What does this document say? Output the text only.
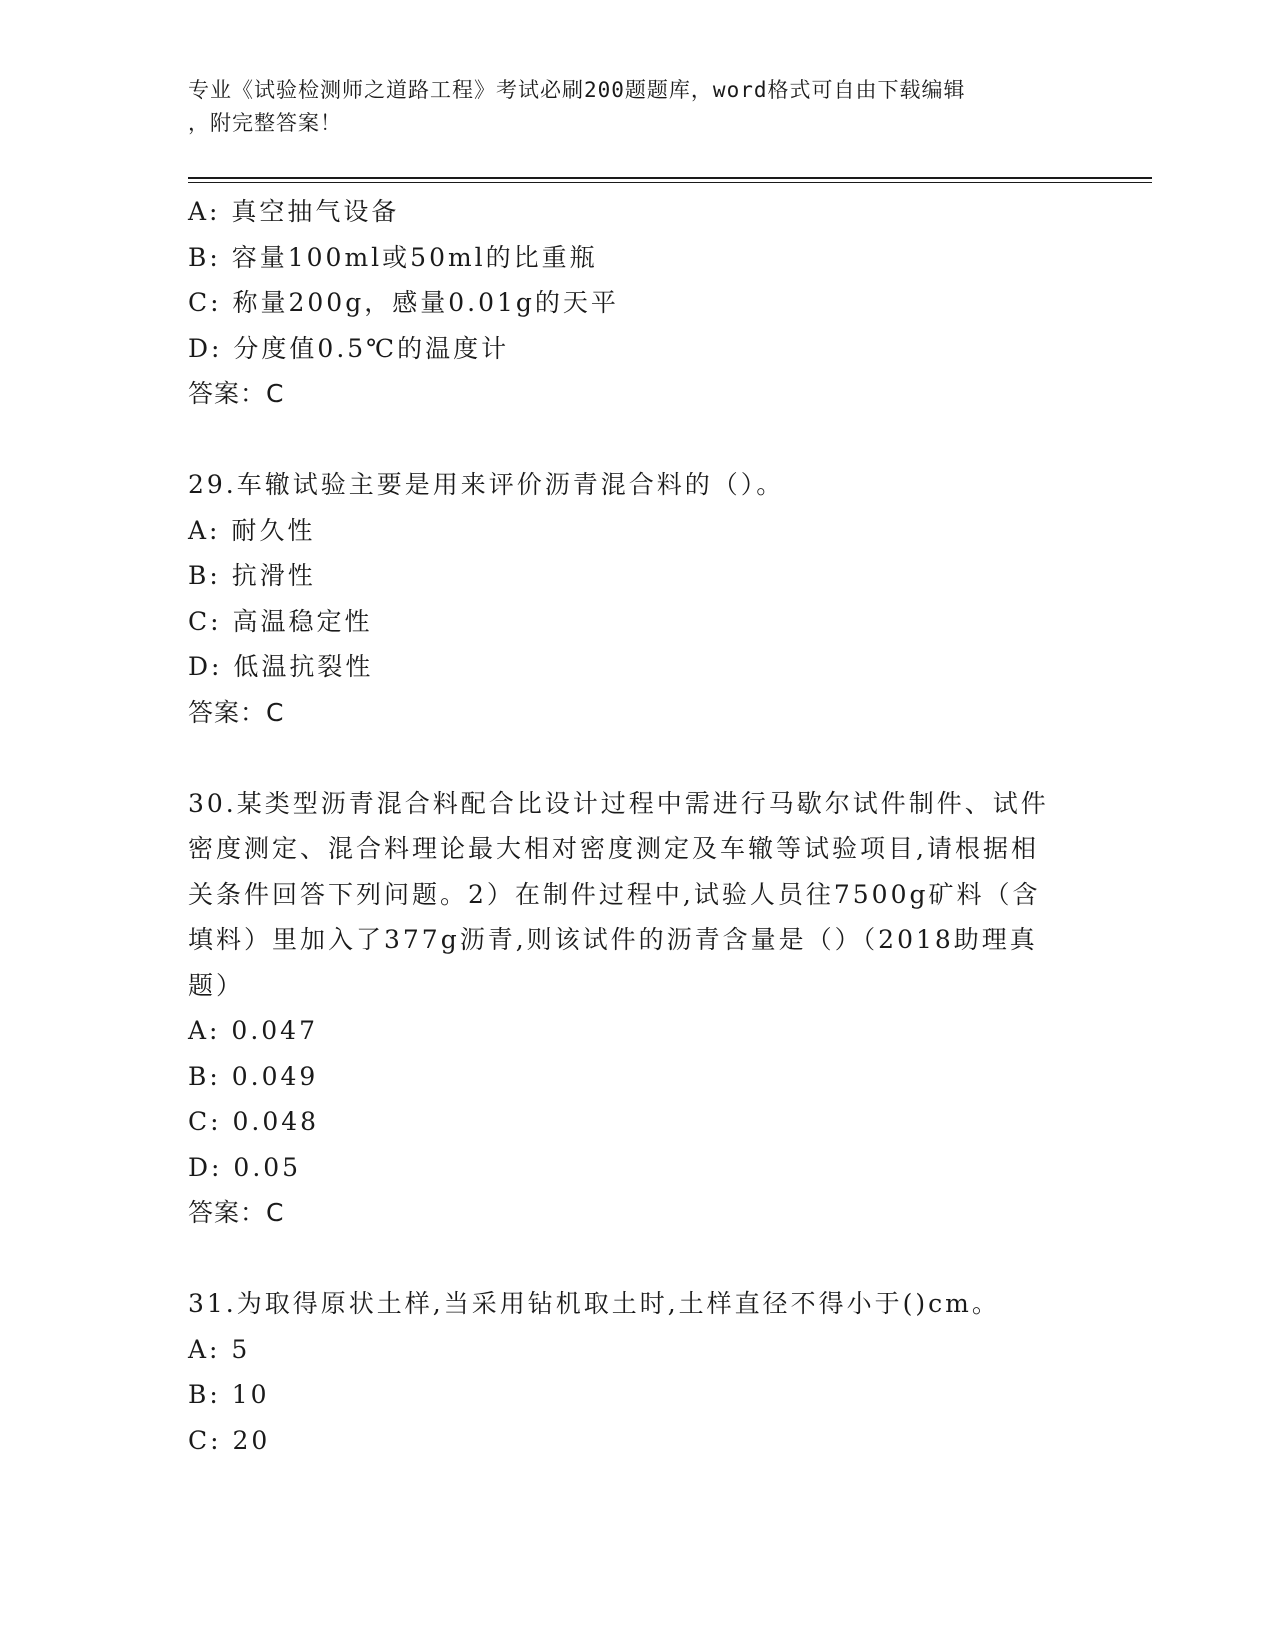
专业《试验检测师之道路工程》考试必刷200题题库，word格式可自由下载编辑
，附完整答案！
A: 真空抽气设备
B: 容量100ml或50ml的比重瓶
C: 称量200g，感量0.01g的天平
D: 分度值0.5℃的温度计
答案：C
29.车辙试验主要是用来评价沥青混合料的（）。
A: 耐久性
B: 抗滑性
C: 高温稳定性
D: 低温抗裂性
答案：C
30.某类型沥青混合料配合比设计过程中需进行马歇尔试件制件、试件
密度测定、混合料理论最大相对密度测定及车辙等试验项目,请根据相
关条件回答下列问题。2）在制件过程中,试验人员往7500g矿料（含
填料）里加入了377g沥青,则该试件的沥青含量是（）（2018助理真
题）
A: 0.047
B: 0.049
C: 0.048
D: 0.05
答案：C
31.为取得原状土样,当采用钻机取土时,土样直径不得小于()cm。
A: 5
B: 10
C: 20
